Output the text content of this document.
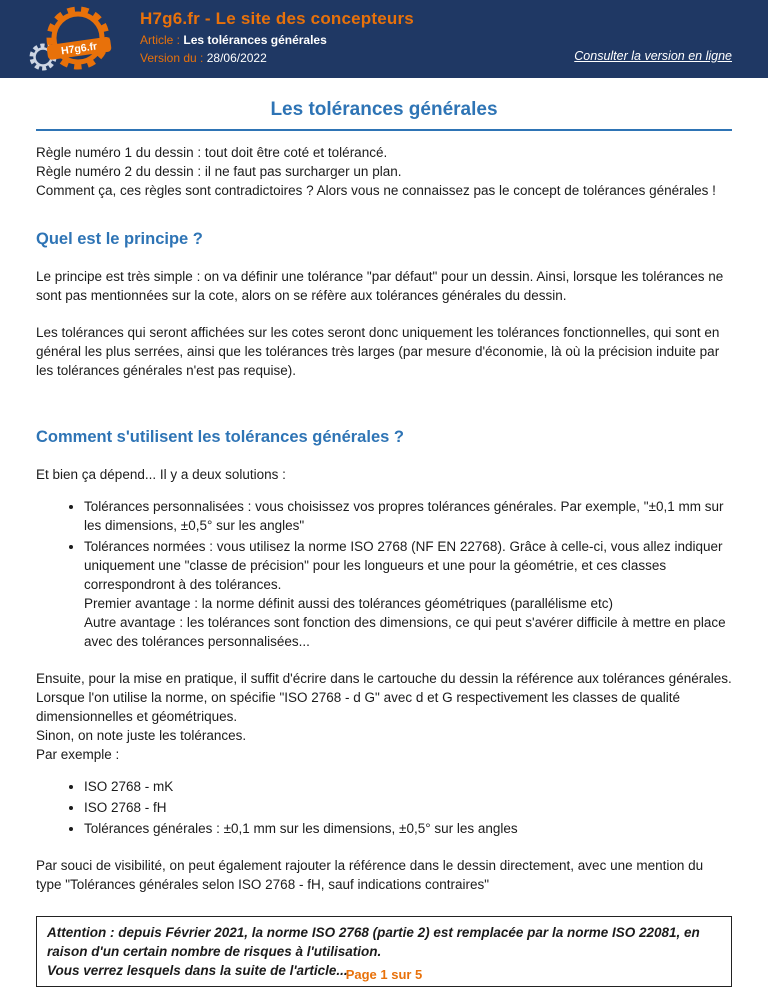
H7g6.fr
H7g6.fr - Le site des concepteurs
Article : Les tolérances générales
Version du : 28/06/2022	Consulter la version en ligne
Les tolérances générales

Règle numéro 1 du dessin : tout doit être coté et tolérancé.
Règle numéro 2 du dessin : il ne faut pas surcharger un plan.
Comment ça, ces règles sont contradictoires ? Alors vous ne connaissez pas le concept de tolérances générales !

Quel est le principe ?

Le principe est très simple : on va définir une tolérance "par défaut" pour un dessin. Ainsi, lorsque les tolérances ne sont pas mentionnées sur la cote, alors on se réfère aux tolérances générales du dessin.

Les tolérances qui seront affichées sur les cotes seront donc uniquement les tolérances fonctionnelles, qui sont en général les plus serrées, ainsi que les tolérances très larges (par mesure d'économie, là où la précision induite par les tolérances générales n'est pas requise).

Comment s'utilisent les tolérances générales ?

Et bien ça dépend... Il y a deux solutions :

• Tolérances personnalisées : vous choisissez vos propres tolérances générales. Par exemple, "±0,1 mm sur les dimensions, ±0,5° sur les angles"
• Tolérances normées : vous utilisez la norme ISO 2768 (NF EN 22768). Grâce à celle-ci, vous allez indiquer uniquement une "classe de précision" pour les longueurs et une pour la géométrie, et ces classes correspondront à des tolérances.
Premier avantage : la norme définit aussi des tolérances géométriques (parallélisme etc)
Autre avantage : les tolérances sont fonction des dimensions, ce qui peut s'avérer difficile à mettre en place avec des tolérances personnalisées...

Ensuite, pour la mise en pratique, il suffit d'écrire dans le cartouche du dessin la référence aux tolérances générales. Lorsque l'on utilise la norme, on spécifie "ISO 2768 - d G" avec d et G respectivement les classes de qualité dimensionnelles et géométriques.
Sinon, on note juste les tolérances.
Par exemple :

• ISO 2768 - mK
• ISO 2768 - fH
• Tolérances générales : ±0,1 mm sur les dimensions, ±0,5° sur les angles

Par souci de visibilité, on peut également rajouter la référence dans le dessin directement, avec une mention du type "Tolérances générales selon ISO 2768 - fH, sauf indications contraires"

Attention : depuis Février 2021, la norme ISO 2768 (partie 2) est remplacée par la norme ISO 22081, en raison d'un certain nombre de risques à l'utilisation.
Vous verrez lesquels dans la suite de l'article...
Page 1 sur 5
